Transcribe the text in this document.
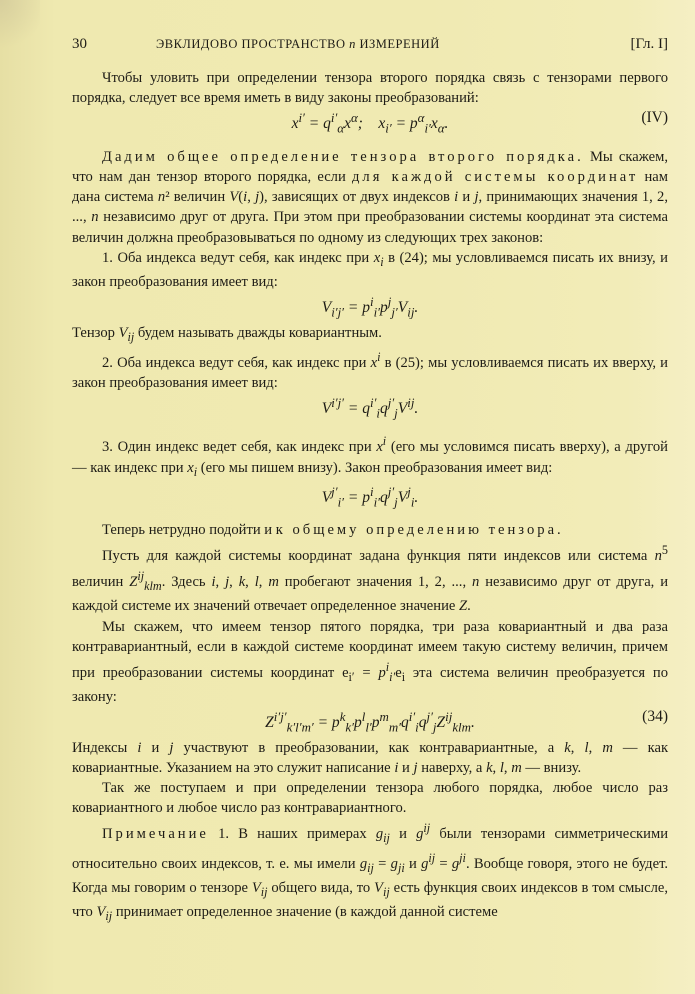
30	ЭВКЛИДОВО ПРОСТРАНСТВО n ИЗМЕРЕНИЙ	[Гл. I]

Чтобы уловить при определении тензора второго порядка связь с тензорами первого порядка, следует все время иметь в виду законы преобразований:

$x^{i'} = q^{i'}_\alpha x^\alpha$;    $x_{i'} = p^\alpha_{i'}x_\alpha$.	(IV)

Дадим общее определение тензора второго порядка. Мы скажем, что нам дан тензор второго порядка, если для каждой системы координат нам дана система n² величин V(i, j), зависящих от двух индексов i и j, принимающих значения 1, 2, ..., n независимо друг от друга. При этом при преобразовании системы координат эта система величин должна преобразовываться по одному из следующих трех законов:

1. Оба индекса ведут себя, как индекс при $x_i$ в (24); мы условливаемся писать их внизу, и закон преобразования имеет вид:

$V_{i'j'} = p^i_{i'}p^j_{j'}V_{ij}$.

Тензор $V_{ij}$ будем называть дважды ковариантным.

2. Оба индекса ведут себя, как индекс при $x^i$ в (25); мы условливаемся писать их вверху, и закон преобразования имеет вид:

$V^{i'j'} = q^{i'}_iq^{j'}_jV^{ij}$.

3. Один индекс ведет себя, как индекс при $x^i$ (его мы условимся писать вверху), а другой — как индекс при $x_i$ (его мы пишем внизу). Закон преобразования имеет вид:

$V^{j'}_{i'} = p^i_{i'}q^{j'}_jV^j_i$.

Теперь нетрудно подойти и к общему определению тензора.

Пусть для каждой системы координат задана функция пяти индексов или система $n^5$ величин $Z^{ij}_{klm}$. Здесь i, j, k, l, m пробегают значения 1, 2, ..., n независимо друг от друга, и каждой системе их значений отвечает определенное значение Z.

Мы скажем, что имеем тензор пятого порядка, три раза ковариантный и два раза контравариантный, если в каждой системе координат имеем такую систему величин, причем при преобразовании системы координат $e_{i'} = p^i_{i'}e_i$ эта система величин преобразуется по закону:

$Z^{i'j'}_{k'l'm'} = p^k_{k'}p^l_{l'}p^m_{m'}q^{i'}_iq^{j'}_jZ^{ij}_{klm}$.	(34)

Индексы i и j участвуют в преобразовании, как контравариантные, а k, l, m — как ковариантные. Указанием на это служит написание i и j наверху, а k, l, m — внизу.

Так же поступаем и при определении тензора любого порядка, любое число раз ковариантного и любое число раз контравариантного.

Примечание 1. В наших примерах $g_{ij}$ и $g^{ij}$ были тензорами симметрическими относительно своих индексов, т. е. мы имели $g_{ij} = g_{ji}$ и $g^{ij} = g^{ji}$. Вообще говоря, этого не будет. Когда мы говорим о тензоре $V_{ij}$ общего вида, то $V_{ij}$ есть функция своих индексов в том смысле, что $V_{ij}$ принимает определенное значение (в каждой данной системе
